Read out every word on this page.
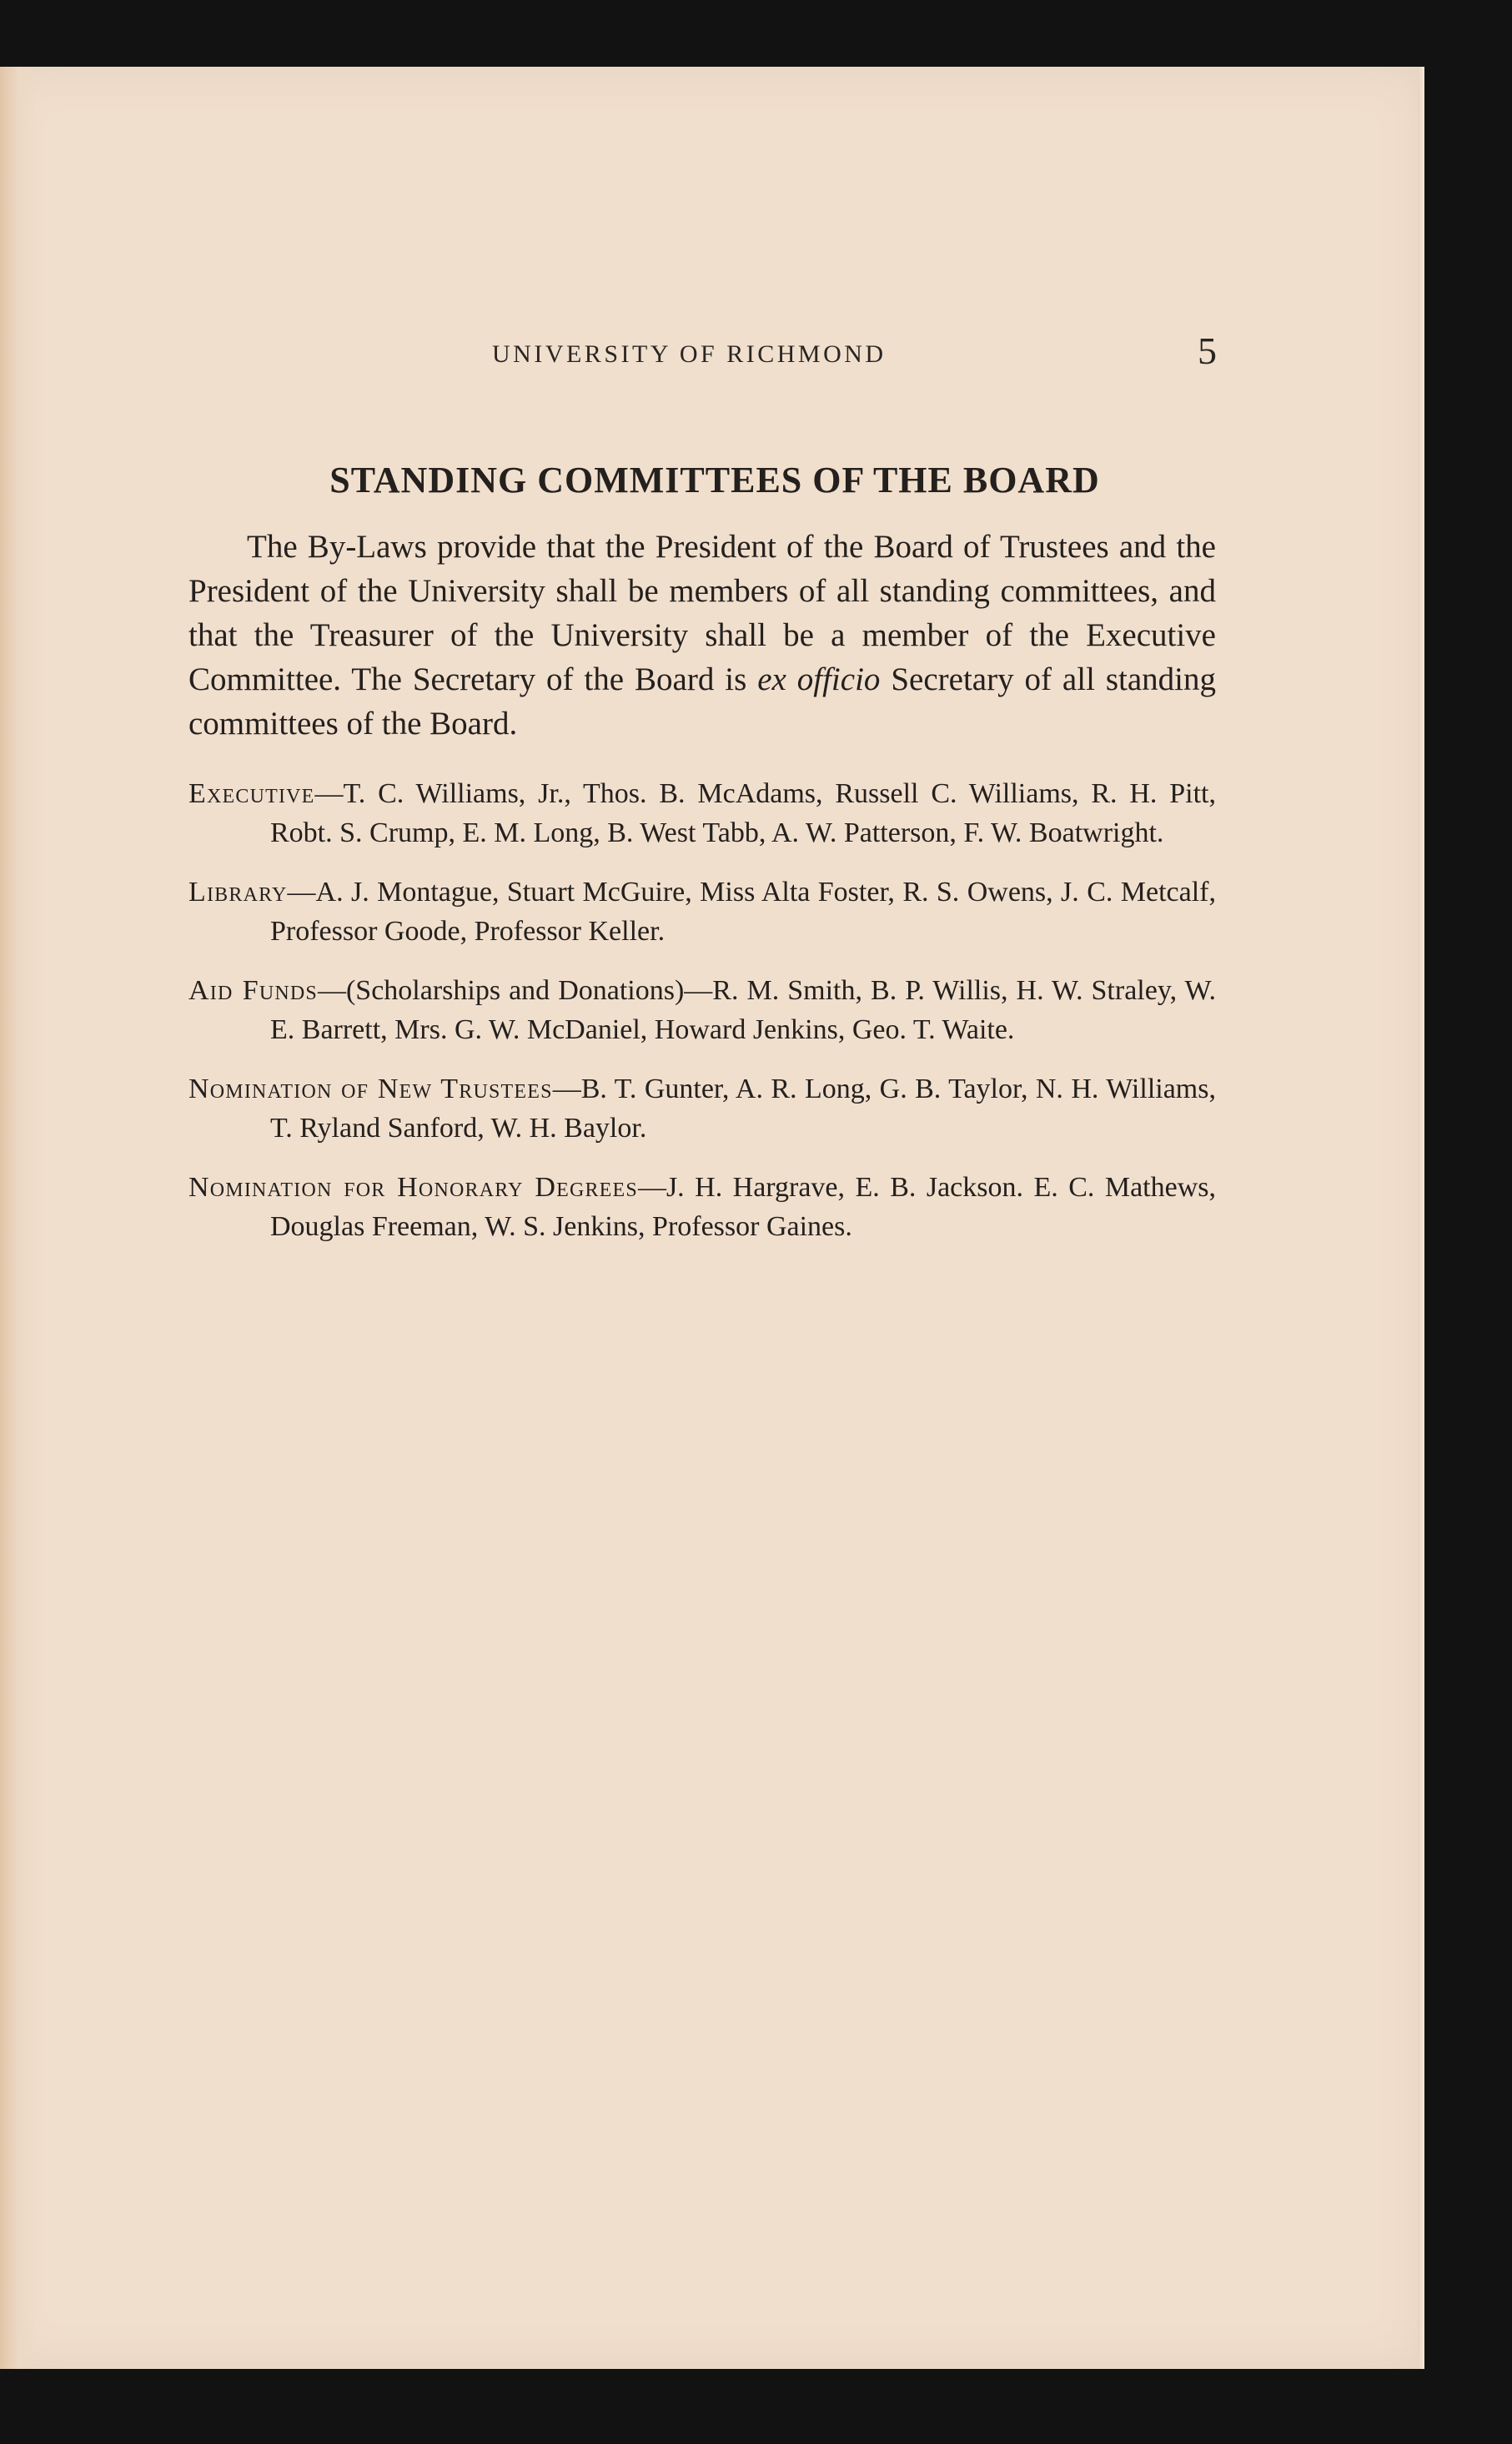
UNIVERSITY OF RICHMOND	5
STANDING COMMITTEES OF THE BOARD

The By-Laws provide that the President of the Board of Trustees and the President of the University shall be members of all standing committees, and that the Treasurer of the University shall be a member of the Executive Committee. The Secretary of the Board is ex officio Secretary of all standing committees of the Board.

Executive—T. C. Williams, Jr., Thos. B. McAdams, Russell C. Williams, R. H. Pitt, Robt. S. Crump, E. M. Long, B. West Tabb, A. W. Patterson, F. W. Boatwright.

Library—A. J. Montague, Stuart McGuire, Miss Alta Foster, R. S. Owens, J. C. Metcalf, Professor Goode, Professor Keller.

Aid Funds—(Scholarships and Donations)—R. M. Smith, B. P. Willis, H. W. Straley, W. E. Barrett, Mrs. G. W. McDaniel, Howard Jenkins, Geo. T. Waite.

Nomination of New Trustees—B. T. Gunter, A. R. Long, G. B. Taylor, N. H. Williams, T. Ryland Sanford, W. H. Baylor.

Nomination for Honorary Degrees—J. H. Hargrave, E. B. Jackson. E. C. Mathews, Douglas Freeman, W. S. Jenkins, Professor Gaines.
